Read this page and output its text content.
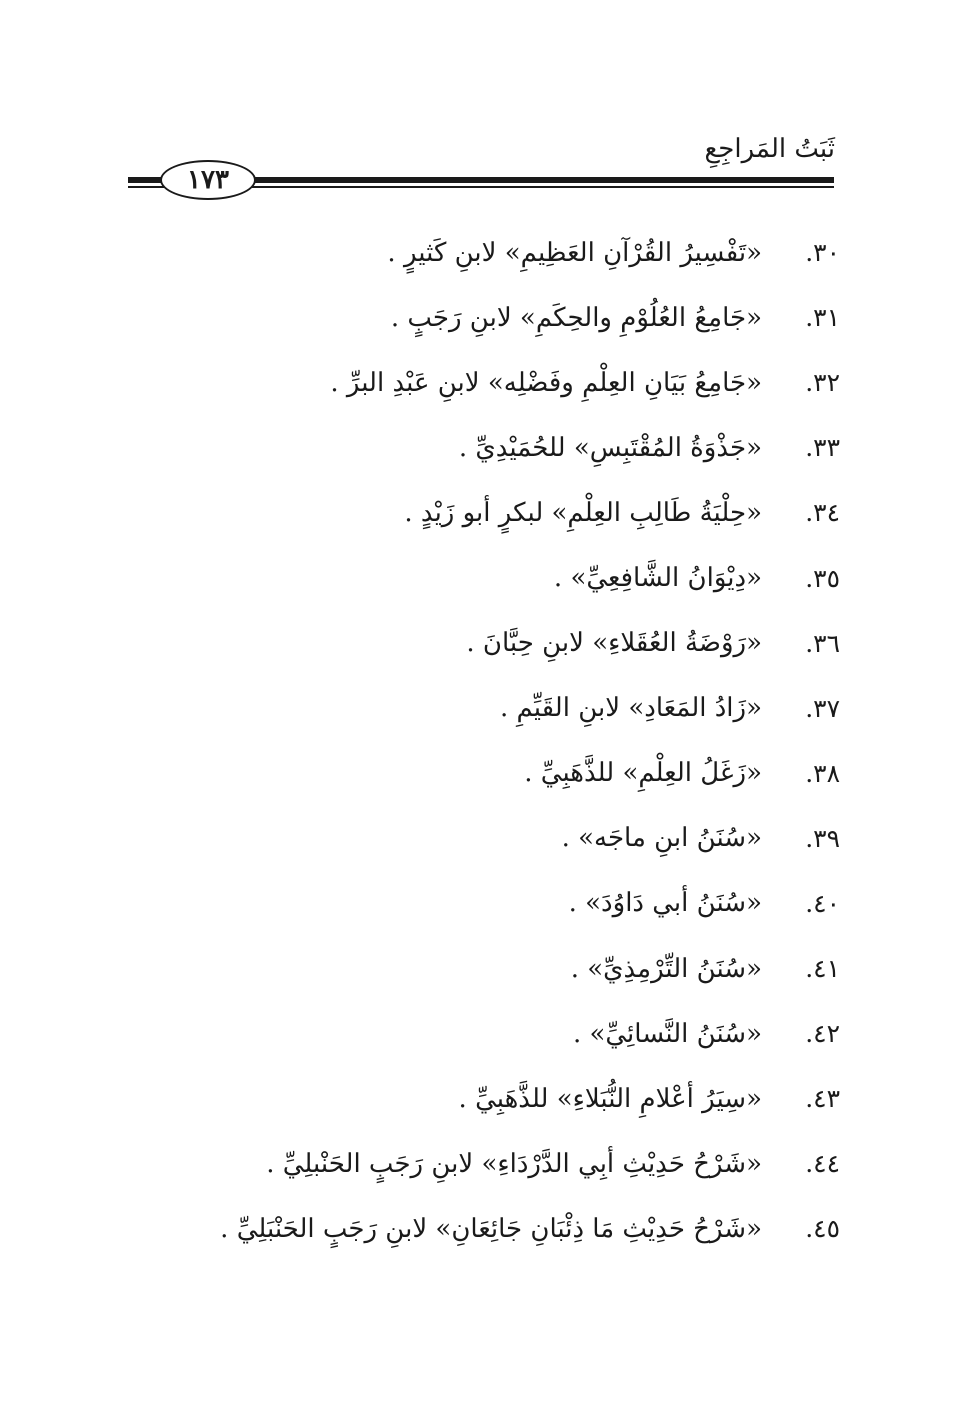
ثَبَتُ المَراجِعِ
١٧٣
٣٠.
«تَفْسِيرُ القُرْآنِ العَظِيمِ» لابنِ كَثيرٍ .
٣١.
«جَامِعُ العُلُوْمِ والحِكَمِ» لابنِ رَجَبٍ .
٣٢.
«جَامِعُ بَيَانِ العِلْمِ وفَضْلِه» لابنِ عَبْدِ البرِّ .
٣٣.
«جَذْوَةُ المُقْتَبِسِ» للحُمَيْدِيِّ .
٣٤.
«حِلْيَةُ طَالِبِ العِلْمِ» لبكرٍ أبو زَيْدٍ .
٣٥.
«دِيْوَانُ الشَّافِعِيِّ» .
٣٦.
«رَوْضَةُ العُقَلاءِ» لابنِ حِبَّانَ .
٣٧.
«زَادُ المَعَادِ» لابنِ القَيِّمِ .
٣٨.
«زَغَلُ العِلْمِ» للذَّهَبِيِّ .
٣٩.
«سُنَنُ ابنِ ماجَه» .
٤٠.
«سُنَنُ أبي دَاوُدَ» .
٤١.
«سُنَنُ التِّرْمِذِيِّ» .
٤٢.
«سُنَنُ النَّسائِيِّ» .
٤٣.
«سِيَرُ أعْلامِ النُّبَلاءِ» للذَّهَبِيِّ .
٤٤.
«شَرْحُ حَدِيْثِ أبِي الدَّرْدَاءِ» لابنِ رَجَبٍ الحَنْبلِيِّ .
٤٥.
«شَرْحُ حَدِيْثِ مَا ذِئْبَانِ جَائِعَانِ» لابنِ رَجَبٍ الحَنْبَلِيِّ .
